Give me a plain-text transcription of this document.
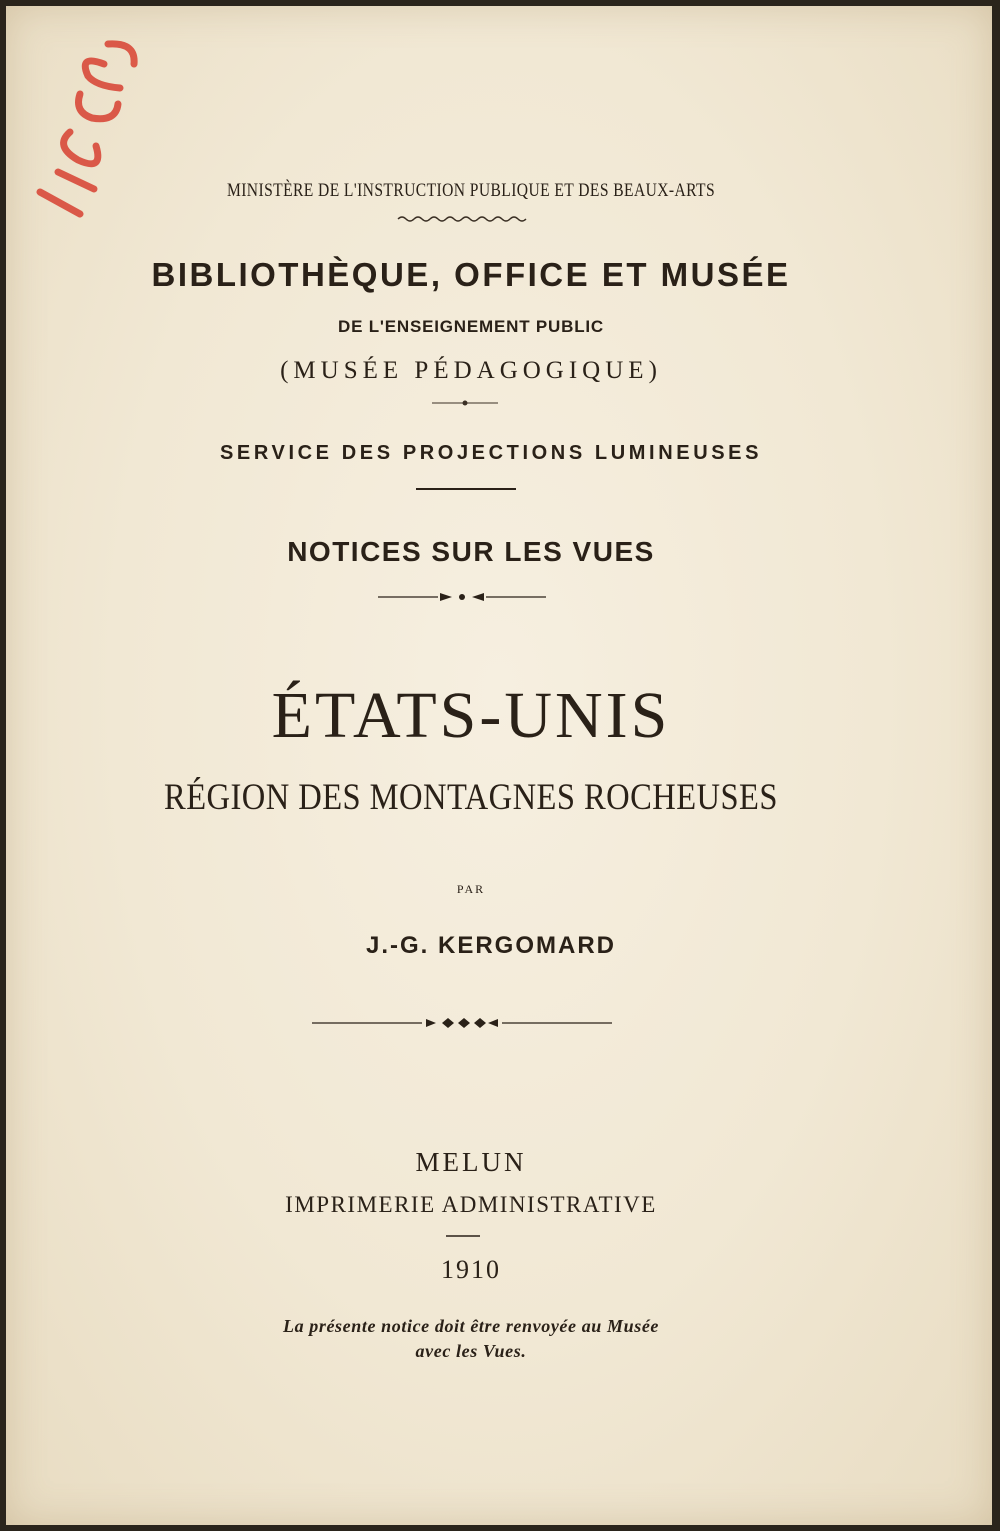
MINISTÈRE DE L'INSTRUCTION PUBLIQUE ET DES BEAUX-ARTS
BIBLIOTHÈQUE, OFFICE ET MUSÉE
DE L'ENSEIGNEMENT PUBLIC
(MUSÉE PÉDAGOGIQUE)
SERVICE DES PROJECTIONS LUMINEUSES
NOTICES SUR LES VUES
ÉTATS-UNIS
RÉGION DES MONTAGNES ROCHEUSES
PAR
J.-G. KERGOMARD
MELUN
IMPRIMERIE ADMINISTRATIVE
1910
La présente notice doit être renvoyée au Musée
avec les Vues.
